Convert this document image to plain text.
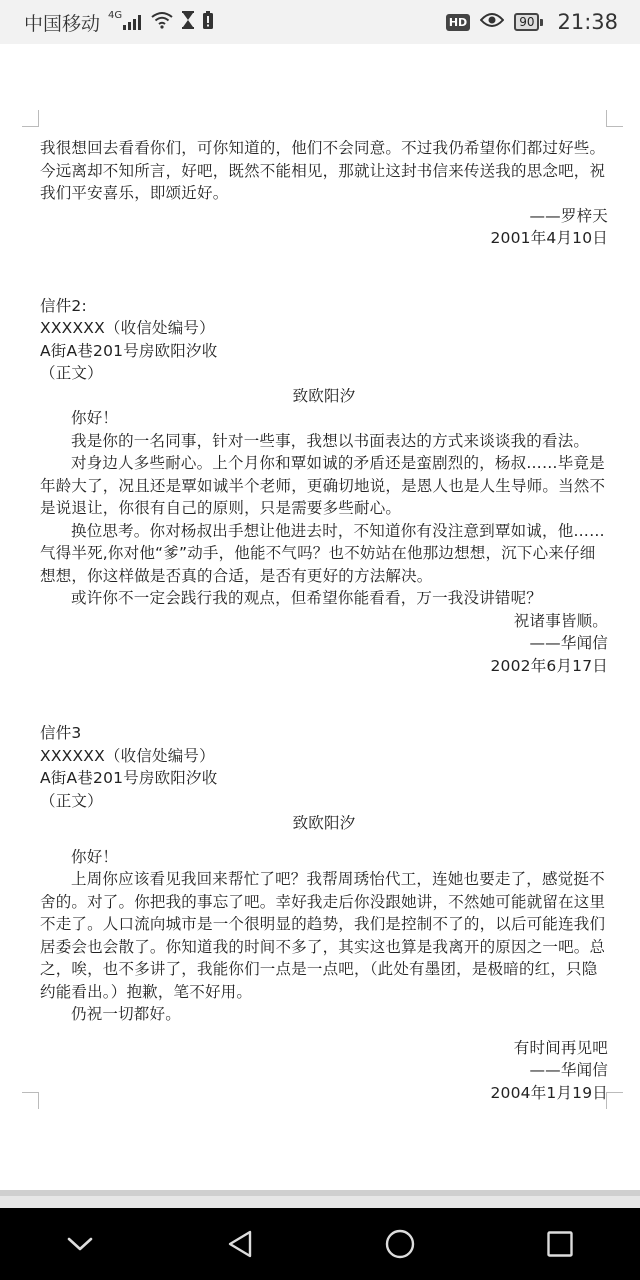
中国移动 4G
HD	90 21:38

我很想回去看看你们，可你知道的，他们不会同意。不过我仍希望你们都过好些。今远离却不知所言，好吧，既然不能相见，那就让这封书信来传送我的思念吧，祝我们平安喜乐，即颂近好。

——罗梓天

2001年4月10日

信件2:

XXXXXX（收信处编号）

A街A巷201号房欧阳汐收

（正文）

致欧阳汐

你好！

我是你的一名同事，针对一些事，我想以书面表达的方式来谈谈我的看法。

对身边人多些耐心。上个月你和覃如诚的矛盾还是蛮剧烈的，杨叔……毕竟是年龄大了，况且还是覃如诚半个老师，更确切地说，是恩人也是人生导师。当然不是说退让，你很有自己的原则，只是需要多些耐心。

换位思考。你对杨叔出手想让他进去时，不知道你有没注意到覃如诚，他……气得半死,你对他“爹”动手，他能不气吗？也不妨站在他那边想想，沉下心来仔细想想，你这样做是否真的合适，是否有更好的方法解决。

或许你不一定会践行我的观点，但希望你能看看，万一我没讲错呢？

祝诸事皆顺。

——华闻信

2002年6月17日

信件3

XXXXXX（收信处编号）

A街A巷201号房欧阳汐收

（正文）

致欧阳汐

你好！

上周你应该看见我回来帮忙了吧？我帮周琇怡代工，连她也要走了，感觉挺不舍的。对了。你把我的事忘了吧。幸好我走后你没跟她讲，不然她可能就留在这里不走了。人口流向城市是一个很明显的趋势，我们是控制不了的，以后可能连我们居委会也会散了。你知道我的时间不多了，其实这也算是我离开的原因之一吧。总之，唉，也不多讲了，我能你们一点是一点吧，（此处有墨团，是极暗的红，只隐约能看出。）抱歉，笔不好用。

仍祝一切都好。

有时间再见吧

——华闻信

2004年1月19日
